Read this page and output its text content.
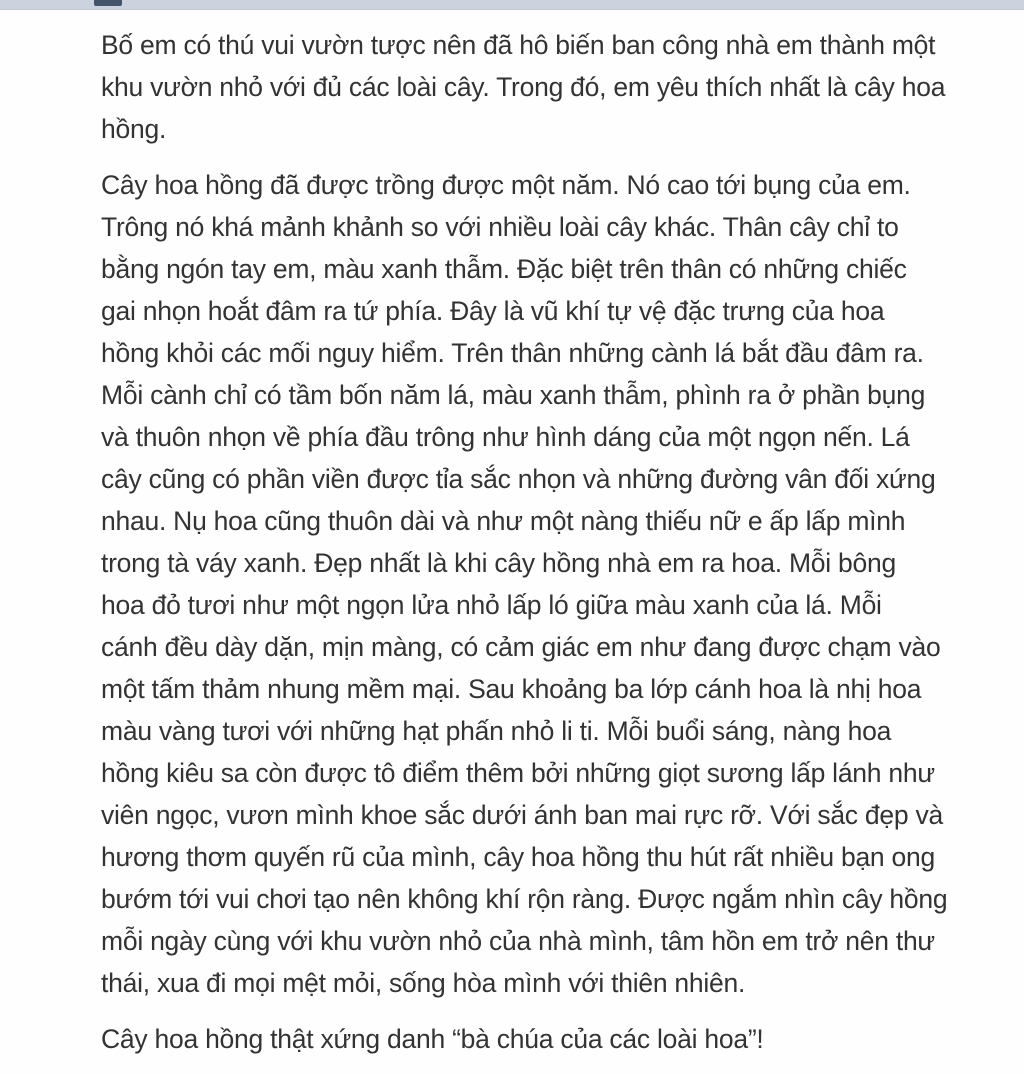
Bố em có thú vui vườn tược nên đã hô biến ban công nhà em thành một
khu vườn nhỏ với đủ các loài cây. Trong đó, em yêu thích nhất là cây hoa
hồng.
Cây hoa hồng đã được trồng được một năm. Nó cao tới bụng của em.
Trông nó khá mảnh khảnh so với nhiều loài cây khác. Thân cây chỉ to
bằng ngón tay em, màu xanh thẫm. Đặc biệt trên thân có những chiếc
gai nhọn hoắt đâm ra tứ phía. Đây là vũ khí tự vệ đặc trưng của hoa
hồng khỏi các mối nguy hiểm. Trên thân những cành lá bắt đầu đâm ra.
Mỗi cành chỉ có tầm bốn năm lá, màu xanh thẫm, phình ra ở phần bụng
và thuôn nhọn về phía đầu trông như hình dáng của một ngọn nến. Lá
cây cũng có phần viền được tỉa sắc nhọn và những đường vân đối xứng
nhau. Nụ hoa cũng thuôn dài và như một nàng thiếu nữ e ấp lấp mình
trong tà váy xanh. Đẹp nhất là khi cây hồng nhà em ra hoa. Mỗi bông
hoa đỏ tươi như một ngọn lửa nhỏ lấp ló giữa màu xanh của lá. Mỗi
cánh đều dày dặn, mịn màng, có cảm giác em như đang được chạm vào
một tấm thảm nhung mềm mại. Sau khoảng ba lớp cánh hoa là nhị hoa
màu vàng tươi với những hạt phấn nhỏ li ti. Mỗi buổi sáng, nàng hoa
hồng kiêu sa còn được tô điểm thêm bởi những giọt sương lấp lánh như
viên ngọc, vươn mình khoe sắc dưới ánh ban mai rực rỡ. Với sắc đẹp và
hương thơm quyến rũ của mình, cây hoa hồng thu hút rất nhiều bạn ong
bướm tới vui chơi tạo nên không khí rộn ràng. Được ngắm nhìn cây hồng
mỗi ngày cùng với khu vườn nhỏ của nhà mình, tâm hồn em trở nên thư
thái, xua đi mọi mệt mỏi, sống hòa mình với thiên nhiên.
Cây hoa hồng thật xứng danh “bà chúa của các loài hoa”!
